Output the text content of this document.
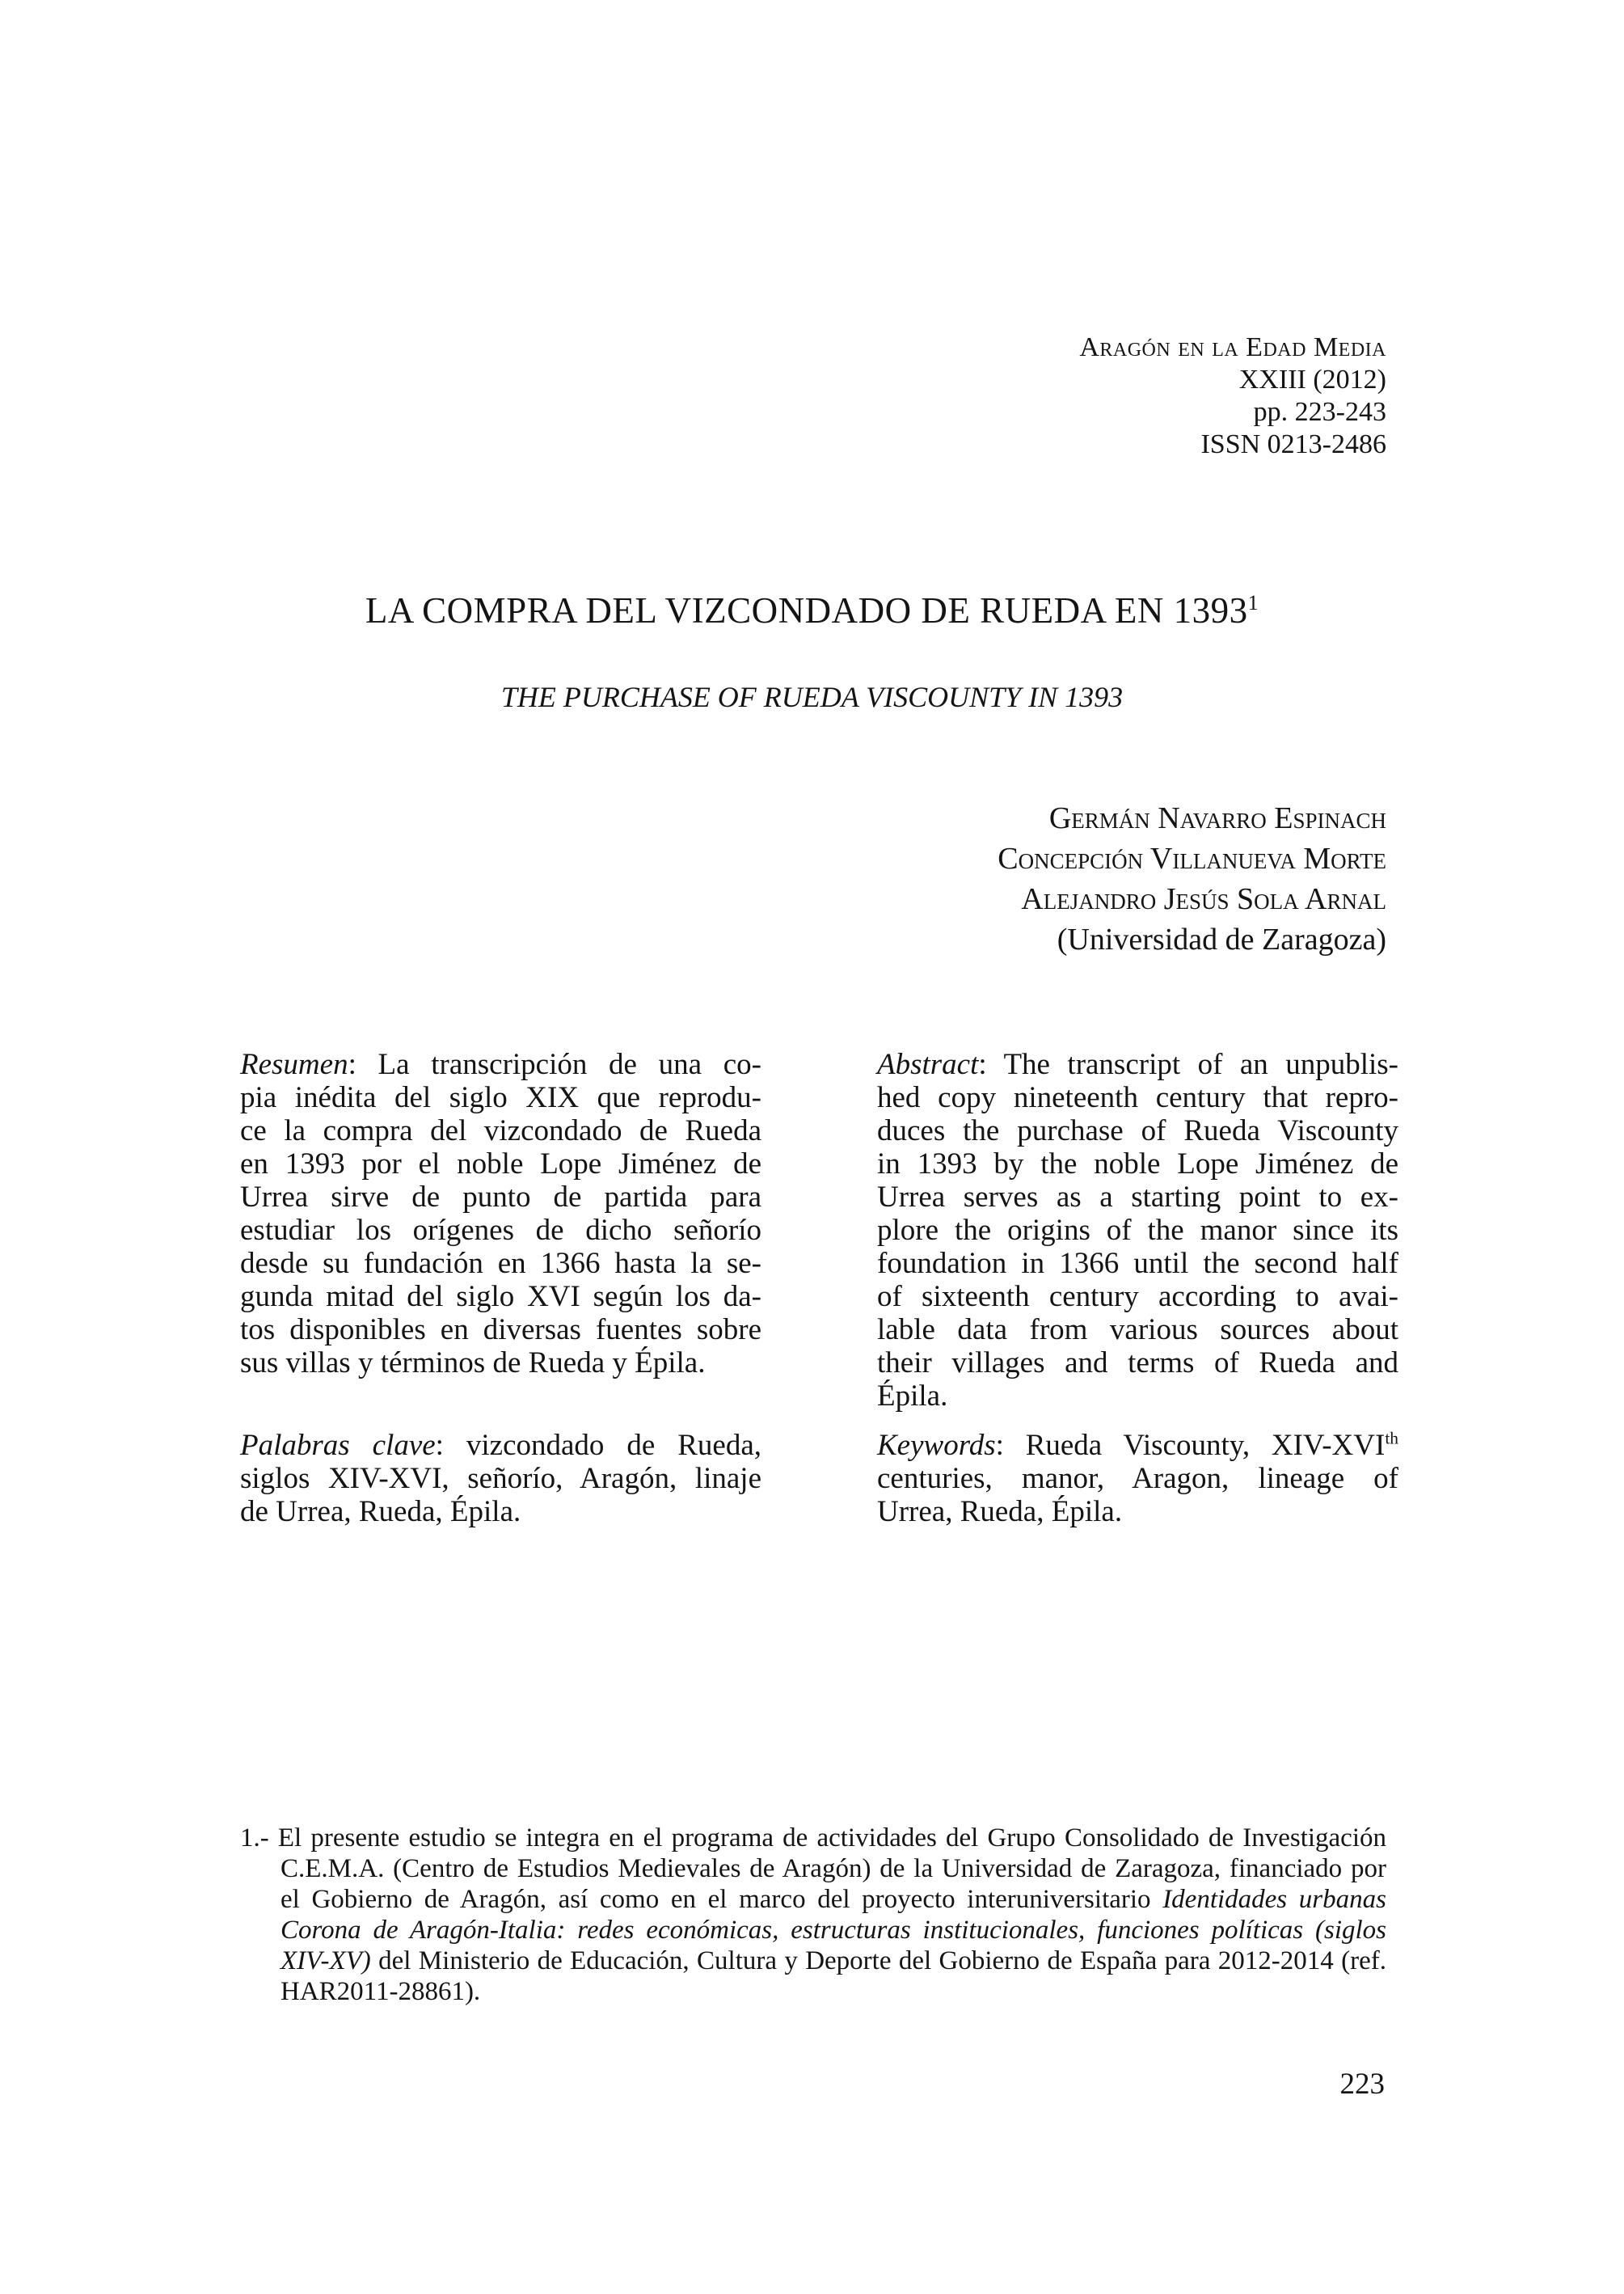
Aragón en la Edad Media
XXIII (2012)
pp. 223-243
ISSN 0213-2486
LA COMPRA DEL VIZCONDADO DE RUEDA EN 1393$^1$
THE PURCHASE OF RUEDA VISCOUNTY IN 1393
Germán Navarro Espinach
Concepción Villanueva Morte
Alejandro Jesús Sola Arnal
(Universidad de Zaragoza)
Resumen: La transcripción de una co-
pia inédita del siglo XIX que reprodu-
ce la compra del vizcondado de Rueda
en 1393 por el noble Lope Jiménez de
Urrea sirve de punto de partida para
estudiar los orígenes de dicho señorío
desde su fundación en 1366 hasta la se-
gunda mitad del siglo XVI según los da-
tos disponibles en diversas fuentes sobre
sus villas y términos de Rueda y Épila.
Palabras clave: vizcondado de Rueda,
siglos XIV-XVI, señorío, Aragón, linaje
de Urrea, Rueda, Épila.
Abstract: The transcript of an unpublis-
hed copy nineteenth century that repro-
duces the purchase of Rueda Viscounty
in 1393 by the noble Lope Jiménez de
Urrea serves as a starting point to ex-
plore the origins of the manor since its
foundation in 1366 until the second half
of sixteenth century according to avai-
lable data from various sources about
their villages and terms of Rueda and
Épila.
Keywords: Rueda Viscounty, XIV-XVIth
centuries, manor, Aragon, lineage of
Urrea, Rueda, Épila.
1.- El presente estudio se integra en el programa de actividades del Grupo Consolidado de Investigación
C.E.M.A. (Centro de Estudios Medievales de Aragón) de la Universidad de Zaragoza, financiado por
el Gobierno de Aragón, así como en el marco del proyecto interuniversitario Identidades urbanas
Corona de Aragón-Italia: redes económicas, estructuras institucionales, funciones políticas (siglos
XIV-XV) del Ministerio de Educación, Cultura y Deporte del Gobierno de España para 2012-2014 (ref.
HAR2011-28861).
223
